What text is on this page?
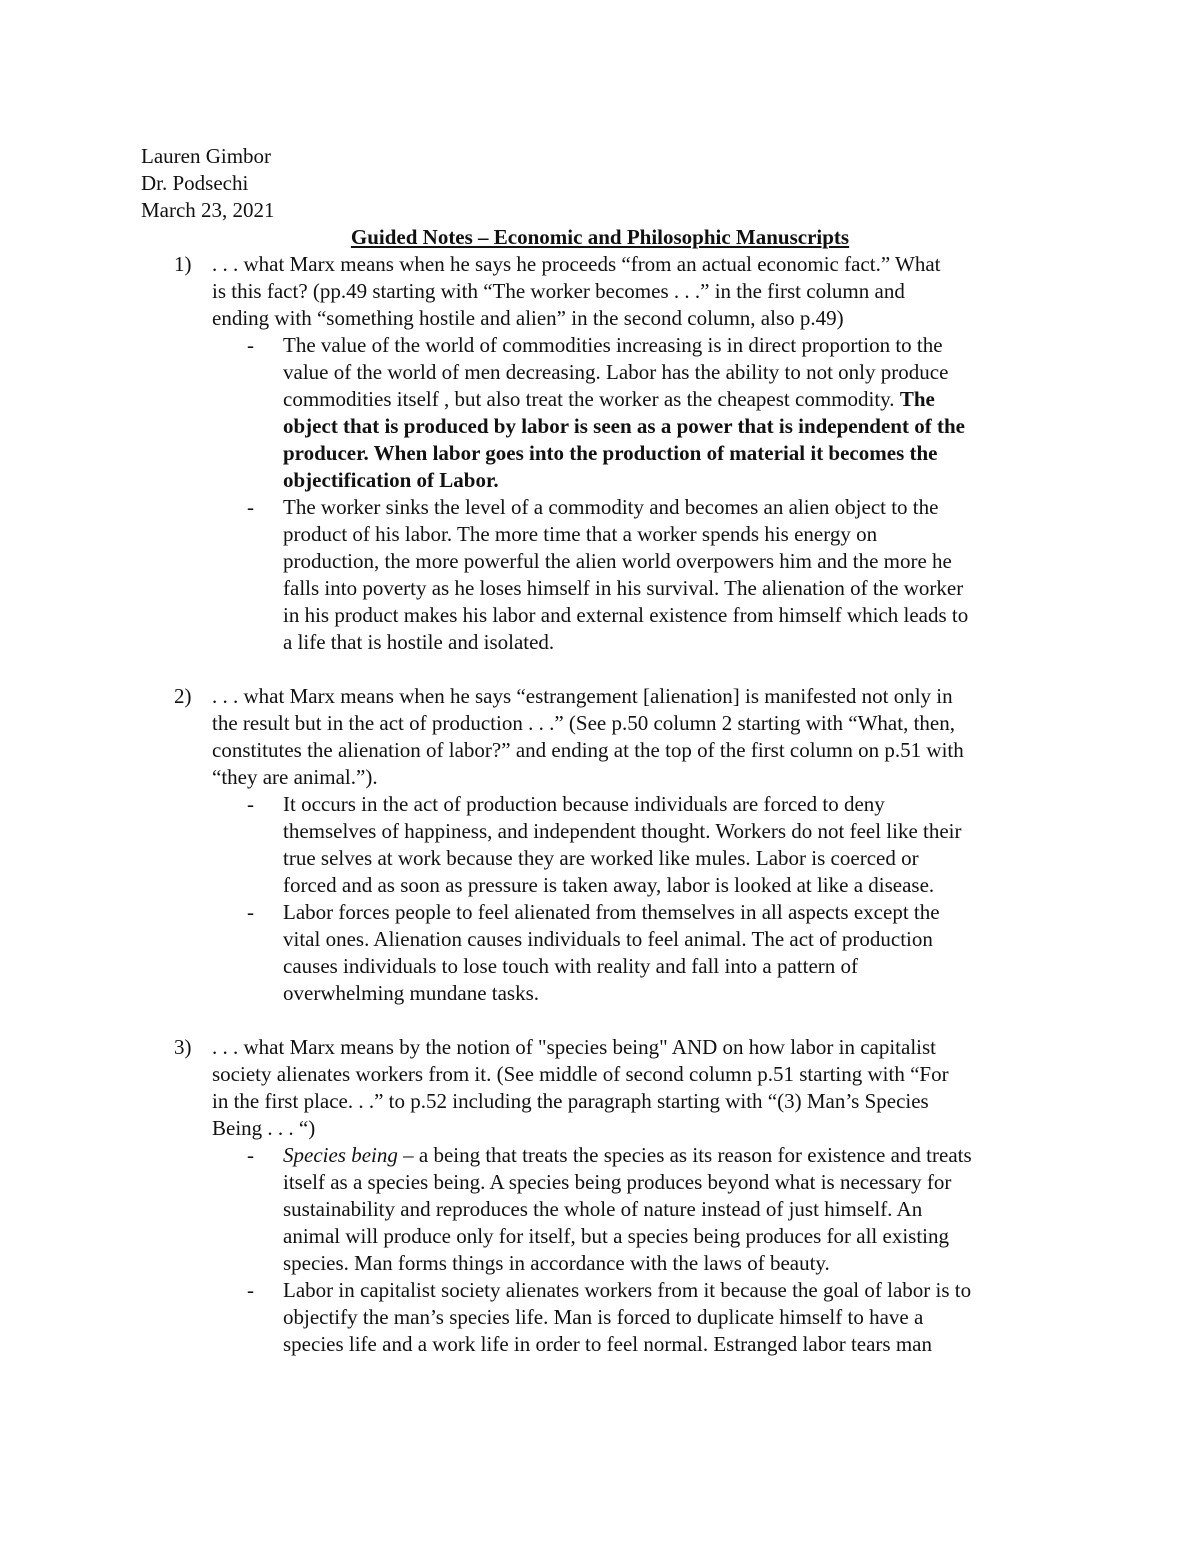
Lauren Gimbor
Dr. Podsechi
March 23, 2021
Guided Notes – Economic and Philosophic Manuscripts
1) . . . what Marx means when he says he proceeds “from an actual economic fact.” What
is this fact? (pp.49 starting with “The worker becomes . . .” in the first column and
ending with “something hostile and alien” in the second column, also p.49)
- The value of the world of commodities increasing is in direct proportion to the
value of the world of men decreasing. Labor has the ability to not only produce
commodities itself , but also treat the worker as the cheapest commodity. The
object that is produced by labor is seen as a power that is independent of the
producer. When labor goes into the production of material it becomes the
objectification of Labor.
- The worker sinks the level of a commodity and becomes an alien object to the
product of his labor. The more time that a worker spends his energy on
production, the more powerful the alien world overpowers him and the more he
falls into poverty as he loses himself in his survival. The alienation of the worker
in his product makes his labor and external existence from himself which leads to
a life that is hostile and isolated.
2) . . . what Marx means when he says “estrangement [alienation] is manifested not only in
the result but in the act of production . . .” (See p.50 column 2 starting with “What, then,
constitutes the alienation of labor?” and ending at the top of the first column on p.51 with
“they are animal.”).
- It occurs in the act of production because individuals are forced to deny
themselves of happiness, and independent thought. Workers do not feel like their
true selves at work because they are worked like mules. Labor is coerced or
forced and as soon as pressure is taken away, labor is looked at like a disease.
- Labor forces people to feel alienated from themselves in all aspects except the
vital ones. Alienation causes individuals to feel animal. The act of production
causes individuals to lose touch with reality and fall into a pattern of
overwhelming mundane tasks.
3) . . . what Marx means by the notion of "species being" AND on how labor in capitalist
society alienates workers from it. (See middle of second column p.51 starting with “For
in the first place. . .” to p.52 including the paragraph starting with “(3) Man’s Species
Being . . . “)
- Species being – a being that treats the species as its reason for existence and treats
itself as a species being. A species being produces beyond what is necessary for
sustainability and reproduces the whole of nature instead of just himself. An
animal will produce only for itself, but a species being produces for all existing
species. Man forms things in accordance with the laws of beauty.
- Labor in capitalist society alienates workers from it because the goal of labor is to
objectify the man’s species life. Man is forced to duplicate himself to have a
species life and a work life in order to feel normal. Estranged labor tears man
